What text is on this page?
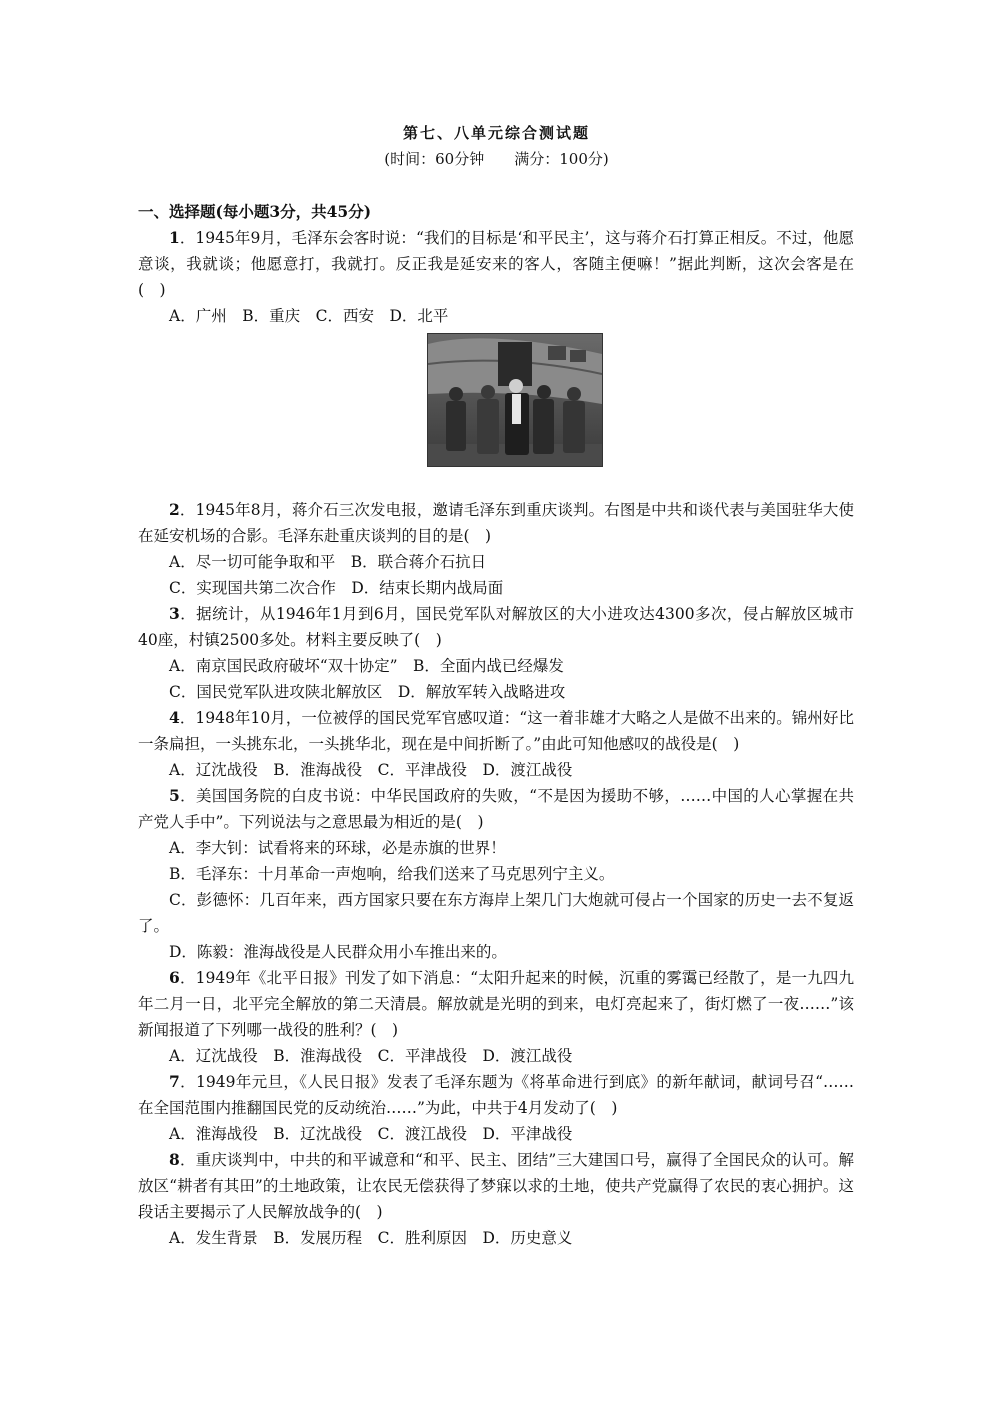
第七、八单元综合测试题
(时间：60分钟 满分：100分)

一、选择题(每小题3分，共45分)

1．1945年9月，毛泽东会客时说：“我们的目标是‘和平民主’，这与蒋介石打算正相反。不过，他愿意谈，我就谈；他愿意打，我就打。反正我是延安来的客人，客随主便嘛！”据此判断，这次会客是在(　)

A．广州　B．重庆　C．西安　D．北平

2．1945年8月，蒋介石三次发电报，邀请毛泽东到重庆谈判。右图是中共和谈代表与美国驻华大使在延安机场的合影。毛泽东赴重庆谈判的目的是(　)

A．尽一切可能争取和平　B．联合蒋介石抗日

C．实现国共第二次合作　D．结束长期内战局面

3．据统计，从1946年1月到6月，国民党军队对解放区的大小进攻达4300多次，侵占解放区城市40座，村镇2500多处。材料主要反映了(　)

A．南京国民政府破坏“双十协定”　B．全面内战已经爆发

C．国民党军队进攻陕北解放区　D．解放军转入战略进攻

4．1948年10月，一位被俘的国民党军官感叹道：“这一着非雄才大略之人是做不出来的。锦州好比一条扁担，一头挑东北，一头挑华北，现在是中间折断了。”由此可知他感叹的战役是(　)

A．辽沈战役　B．淮海战役　C．平津战役　D．渡江战役

5．美国国务院的白皮书说：中华民国政府的失败，“不是因为援助不够，……中国的人心掌握在共产党人手中”。下列说法与之意思最为相近的是(　)

A．李大钊：试看将来的环球，必是赤旗的世界！

B．毛泽东：十月革命一声炮响，给我们送来了马克思列宁主义。

C．彭德怀：几百年来，西方国家只要在东方海岸上架几门大炮就可侵占一个国家的历史一去不复返了。

D．陈毅：淮海战役是人民群众用小车推出来的。

6．1949年《北平日报》刊发了如下消息：“太阳升起来的时候，沉重的雾霭已经散了，是一九四九年二月一日，北平完全解放的第二天清晨。解放就是光明的到来，电灯亮起来了，街灯燃了一夜……”该新闻报道了下列哪一战役的胜利？(　)

A．辽沈战役　B．淮海战役　C．平津战役　D．渡江战役

7．1949年元旦，《人民日报》发表了毛泽东题为《将革命进行到底》的新年献词，献词号召“……在全国范围内推翻国民党的反动统治……”为此，中共于4月发动了(　)

A．淮海战役　B．辽沈战役　C．渡江战役　D．平津战役

8．重庆谈判中，中共的和平诚意和“和平、民主、团结”三大建国口号，赢得了全国民众的认可。解放区“耕者有其田”的土地政策，让农民无偿获得了梦寐以求的土地，使共产党赢得了农民的衷心拥护。这段话主要揭示了人民解放战争的(　)

A．发生背景　B．发展历程　C．胜利原因　D．历史意义
